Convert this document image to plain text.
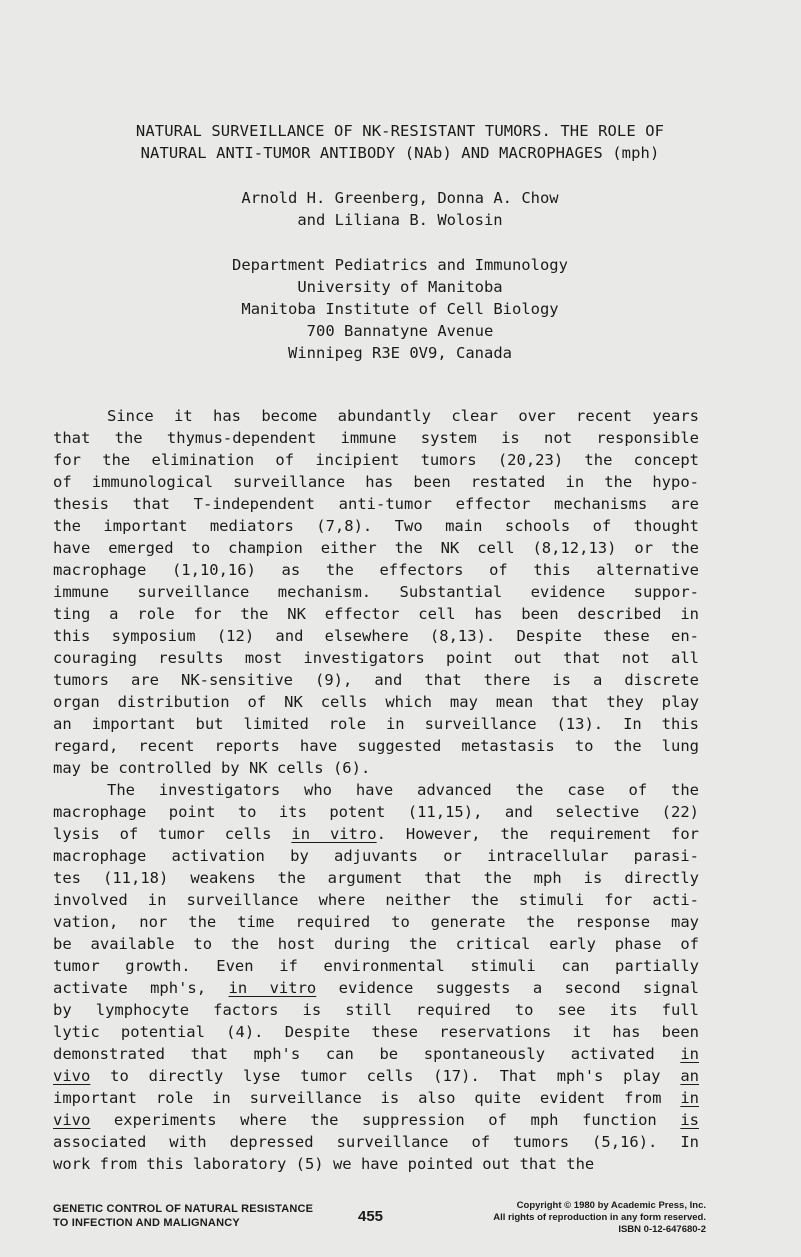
NATURAL SURVEILLANCE OF NK-RESISTANT TUMORS. THE ROLE OF
NATURAL ANTI-TUMOR ANTIBODY (NAb) AND MACROPHAGES (mph)
Arnold H. Greenberg, Donna A. Chow
and Liliana B. Wolosin
Department Pediatrics and Immunology
University of Manitoba
Manitoba Institute of Cell Biology
700 Bannatyne Avenue
Winnipeg R3E 0V9, Canada
Since it has become abundantly clear over recent years
that the thymus-dependent immune system is not responsible
for the elimination of incipient tumors (20,23) the concept
of immunological surveillance has been restated in the hypo-
thesis that T-independent anti-tumor effector mechanisms are
the important mediators (7,8). Two main schools of thought
have emerged to champion either the NK cell (8,12,13) or the
macrophage (1,10,16) as the effectors of this alternative
immune surveillance mechanism. Substantial evidence suppor-
ting a role for the NK effector cell has been described in
this symposium (12) and elsewhere (8,13). Despite these en-
couraging results most investigators point out that not all
tumors are NK-sensitive (9), and that there is a discrete
organ distribution of NK cells which may mean that they play
an important but limited role in surveillance (13). In this
regard, recent reports have suggested metastasis to the lung
may be controlled by NK cells (6).
The investigators who have advanced the case of the
macrophage point to its potent (11,15), and selective (22)
lysis of tumor cells in vitro. However, the requirement for
macrophage activation by adjuvants or intracellular parasi-
tes (11,18) weakens the argument that the mph is directly
involved in surveillance where neither the stimuli for acti-
vation, nor the time required to generate the response may
be available to the host during the critical early phase of
tumor growth. Even if environmental stimuli can partially
activate mph's, in vitro evidence suggests a second signal
by lymphocyte factors is still required to see its full
lytic potential (4). Despite these reservations it has been
demonstrated that mph's can be spontaneously activated in
vivo to directly lyse tumor cells (17). That mph's play an
important role in surveillance is also quite evident from in
vivo experiments where the suppression of mph function is
associated with depressed surveillance of tumors (5,16). In
work from this laboratory (5) we have pointed out that the
GENETIC CONTROL OF NATURAL RESISTANCE
TO INFECTION AND MALIGNANCY	455
Copyright © 1980 by Academic Press, Inc.
All rights of reproduction in any form reserved.
ISBN 0-12-647680-2
